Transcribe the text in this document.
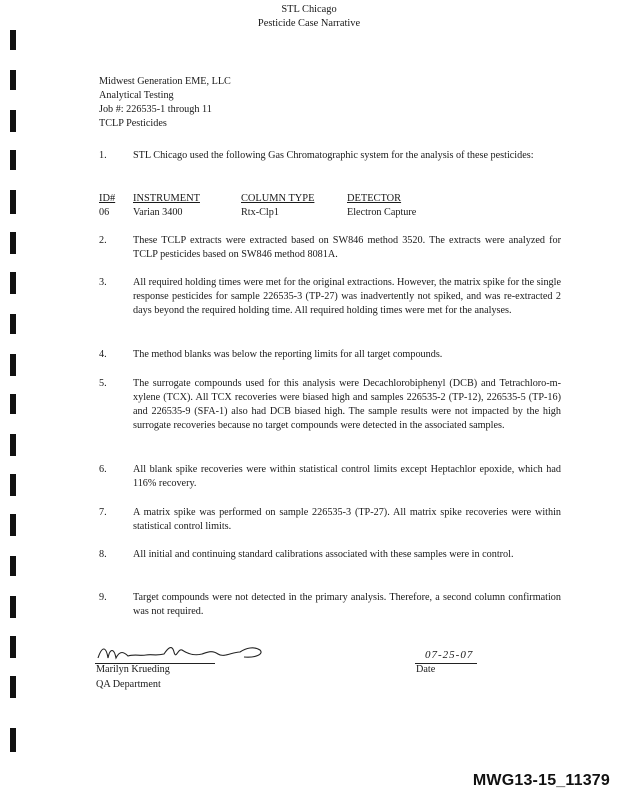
STL Chicago
Pesticide Case Narrative
Midwest Generation EME, LLC
Analytical Testing
Job #: 226535-1 through 11
TCLP Pesticides
1.	STL Chicago used the following Gas Chromatographic system for the analysis of these pesticides:
ID# INSTRUMENT	COLUMN TYPE	DETECTOR
06 Varian 3400	Rtx-Clp1	Electron Capture
2.	These TCLP extracts were extracted based on SW846 method 3520. The extracts were analyzed for TCLP pesticides based on SW846 method 8081A.
3.	All required holding times were met for the original extractions. However, the matrix spike for the single response pesticides for sample 226535-3 (TP-27) was inadvertently not spiked, and was re-extracted 2 days beyond the required holding time. All required holding times were met for the analyses.
4.	The method blanks was below the reporting limits for all target compounds.
5.	The surrogate compounds used for this analysis were Decachlorobiphenyl (DCB) and Tetrachloro-m-xylene (TCX). All TCX recoveries were biased high and samples 226535-2 (TP-12), 226535-5 (TP-16) and 226535-9 (SFA-1) also had DCB biased high. The sample results were not impacted by the high surrogate recoveries because no target compounds were detected in the associated samples.
6.	All blank spike recoveries were within statistical control limits except Heptachlor epoxide, which had 116% recovery.
7.	A matrix spike was performed on sample 226535-3 (TP-27). All matrix spike recoveries were within statistical control limits.
8.	All initial and continuing standard calibrations associated with these samples were in control.
9.	Target compounds were not detected in the primary analysis. Therefore, a second column confirmation was not required.
Marilyn Krueding
QA Department
07-25-07
Date
MWG13-15_11379
